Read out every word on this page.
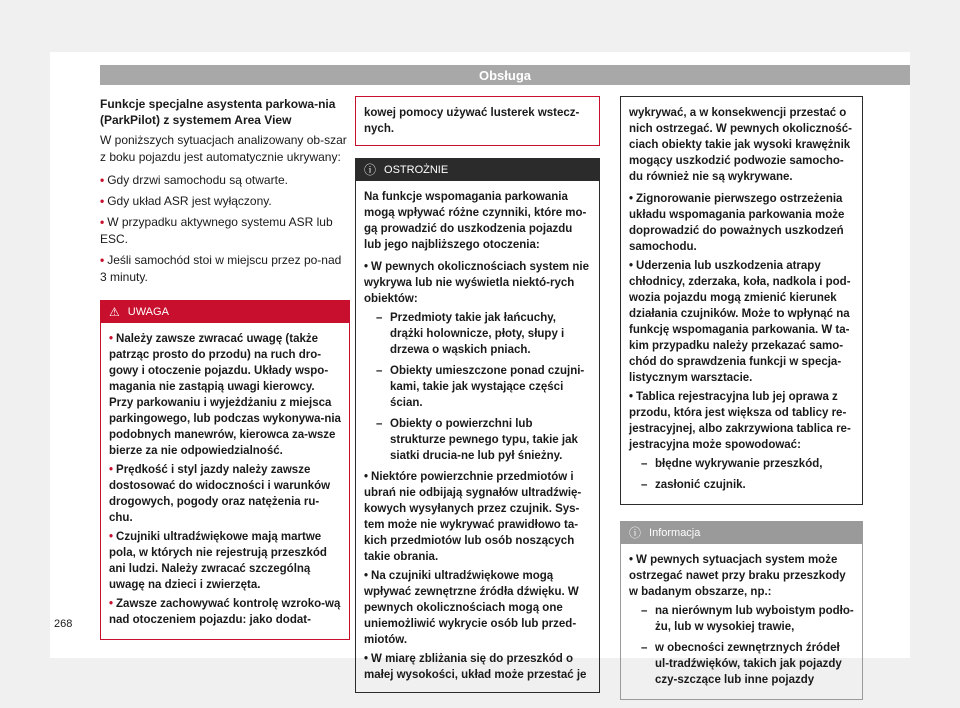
Obsługa

Funkcje specjalne asystenta parkowa-nia (ParkPilot) z systemem Area View

W poniższych sytuacjach analizowany ob-szar z boku pojazdu jest automatycznie ukrywany:

• Gdy drzwi samochodu są otwarte.

• Gdy układ ASR jest wyłączony.

• W przypadku aktywnego systemu ASR lub ESC.

• Jeśli samochód stoi w miejscu przez po-nad 3 minuty.

⚠ UWAGA

• Należy zawsze zwracać uwagę (także patrząc prosto do przodu) na ruch dro-gowy i otoczenie pojazdu. Układy wspo-magania nie zastąpią uwagi kierowcy. Przy parkowaniu i wyjeżdżaniu z miejsca parkingowego, lub podczas wykonywa-nia podobnych manewrów, kierowca za-wsze bierze za nie odpowiedzialność.

• Prędkość i styl jazdy należy zawsze dostosować do widoczności i warunków drogowych, pogody oraz natężenia ru-chu.

• Czujniki ultradźwiękowe mają martwe pola, w których nie rejestrują przeszkód ani ludzi. Należy zwracać szczególną uwagę na dzieci i zwierzęta.

• Zawsze zachowywać kontrolę wzroko-wą nad otoczeniem pojazdu: jako dodat-

kowej pomocy używać lusterek wstecz-nych.
ⓘ OSTROŻNIE

Na funkcje wspomagania parkowania mogą wpływać różne czynniki, które mo-gą prowadzić do uszkodzenia pojazdu lub jego najbliższego otoczenia:

• W pewnych okolicznościach system nie wykrywa lub nie wyświetla niektó-rych obiektów:

– Przedmioty takie jak łańcuchy, drążki holownicze, płoty, słupy i drzewa o wąskich pniach.

– Obiekty umieszczone ponad czujni-kami, takie jak wystające części ścian.

– Obiekty o powierzchni lub strukturze pewnego typu, takie jak siatki drucia-ne lub pył śnieżny.

• Niektóre powierzchnie przedmiotów i ubrań nie odbijają sygnałów ultradźwię-kowych wysyłanych przez czujnik. Sys-tem może nie wykrywać prawidłowo ta-kich przedmiotów lub osób noszących takie obrania.

• Na czujniki ultradźwiękowe mogą wpływać zewnętrzne źródła dźwięku. W pewnych okolicznościach mogą one uniemożliwić wykrycie osób lub przed-miotów.

• W miarę zbliżania się do przeszkód o małej wysokości, układ może przestać je

wykrywać, a w konsekwencji przestać o nich ostrzegać. W pewnych okoliczność-ciach obiekty takie jak wysoki krawężnik mogący uszkodzić podwozie samocho-du również nie są wykrywane.

• Zignorowanie pierwszego ostrzeżenia układu wspomagania parkowania może doprowadzić do poważnych uszkodzeń samochodu.

• Uderzenia lub uszkodzenia atrapy chłodnicy, zderzaka, koła, nadkola i pod-wozia pojazdu mogą zmienić kierunek działania czujników. Może to wpłynąć na funkcję wspomagania parkowania. W ta-kim przypadku należy przekazać samo-chód do sprawdzenia funkcji w specja-listycznym warsztacie.

• Tablica rejestracyjna lub jej oprawa z przodu, która jest większa od tablicy re-jestracyjnej, albo zakrzywiona tablica re-jestracyjna może spowodować:

– błędne wykrywanie przeszkód,

– zasłonić czujnik.

ⓘ Informacja

• W pewnych sytuacjach system może ostrzegać nawet przy braku przeszkody w badanym obszarze, np.:

– na nierównym lub wyboistym podło-żu, lub w wysokiej trawie,

– w obecności zewnętrznych źródeł ul-tradźwięków, takich jak pojazdy czy-szczące lub inne pojazdy

268
